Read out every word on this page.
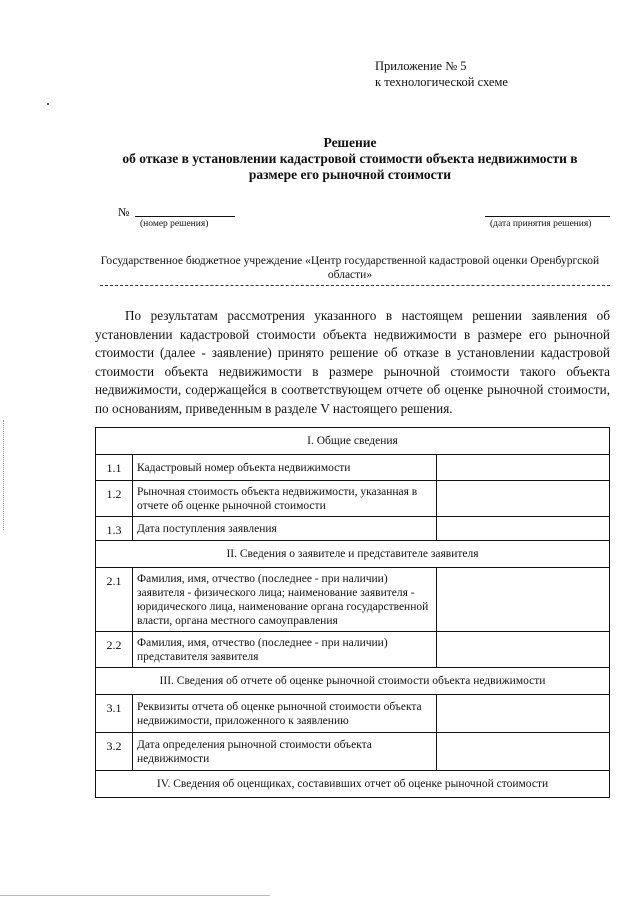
Приложение № 5
к технологической схеме
Решение
об отказе в установлении кадастровой стоимости объекта недвижимости в
размере его рыночной стоимости
№
(номер решения)	(дата принятия решения)
Государственное бюджетное учреждение «Центр государственной кадастровой оценки Оренбургской
области»
По результатам рассмотрения указанного в настоящем решении заявления об установлении кадастровой стоимости объекта недвижимости в размере его рыночной стоимости (далее - заявление) принято решение об отказе в установлении кадастровой стоимости объекта недвижимости в размере рыночной стоимости такого объекта недвижимости, содержащейся в соответствующем отчете об оценке рыночной стоимости, по основаниям, приведенным в разделе V настоящего решения.
I. Общие сведения		
1.1	Кадастровый номер объекта недвижимости	
1.2	Рыночная стоимость объекта недвижимости, указанная в отчете об оценке рыночной стоимости	
1.3	Дата поступления заявления	
II. Сведения о заявителе и представителе заявителя		
2.1	Фамилия, имя, отчество (последнее - при наличии) заявителя - физического лица; наименование заявителя - юридического лица, наименование органа государственной власти, органа местного самоуправления	
2.2	Фамилия, имя, отчество (последнее - при наличии) представителя заявителя	
III. Сведения об отчете об оценке рыночной стоимости объекта недвижимости		
3.1	Реквизиты отчета об оценке рыночной стоимости объекта недвижимости, приложенного к заявлению	
3.2	Дата определения рыночной стоимости объекта недвижимости	
IV. Сведения об оценщиках, составивших отчет об оценке рыночной стоимости		
